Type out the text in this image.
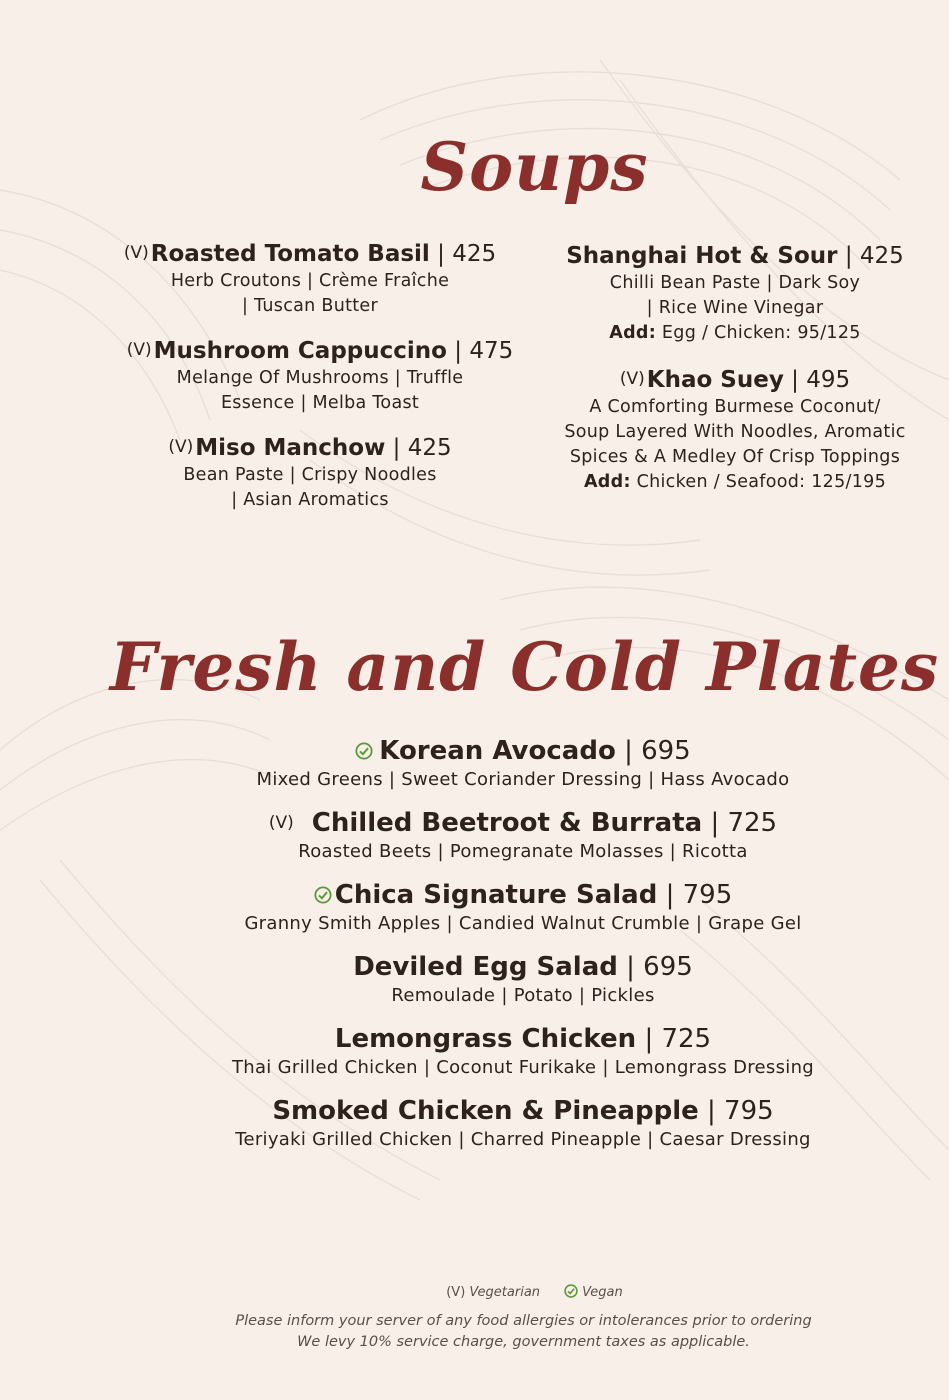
Soups
(V)Roasted Tomato Basil | 425
Herb Croutons | Crème Fraîche
| Tuscan Butter
(V)Mushroom Cappuccino | 475
Melange Of Mushrooms | Truffle
Essence | Melba Toast
(V)Miso Manchow | 425
Bean Paste | Crispy Noodles
| Asian Aromatics
Shanghai Hot & Sour | 425
Chilli Bean Paste | Dark Soy
| Rice Wine Vinegar
Add: Egg / Chicken: 95/125
(V)Khao Suey | 495
A Comforting Burmese Coconut/
Soup Layered With Noodles, Aromatic
Spices & A Medley Of Crisp Toppings
Add: Chicken / Seafood: 125/195
Fresh and Cold Plates
Korean Avocado | 695
Mixed Greens | Sweet Coriander Dressing | Hass Avocado
(V) Chilled Beetroot & Burrata | 725
Roasted Beets | Pomegranate Molasses | Ricotta
Chica Signature Salad | 795
Granny Smith Apples | Candied Walnut Crumble | Grape Gel
Deviled Egg Salad | 695
Remoulade | Potato | Pickles
Lemongrass Chicken | 725
Thai Grilled Chicken | Coconut Furikake | Lemongrass Dressing
Smoked Chicken & Pineapple | 795
Teriyaki Grilled Chicken | Charred Pineapple | Caesar Dressing
(V) Vegetarian	Vegan
Please inform your server of any food allergies or intolerances prior to ordering
We levy 10% service charge, government taxes as applicable.
